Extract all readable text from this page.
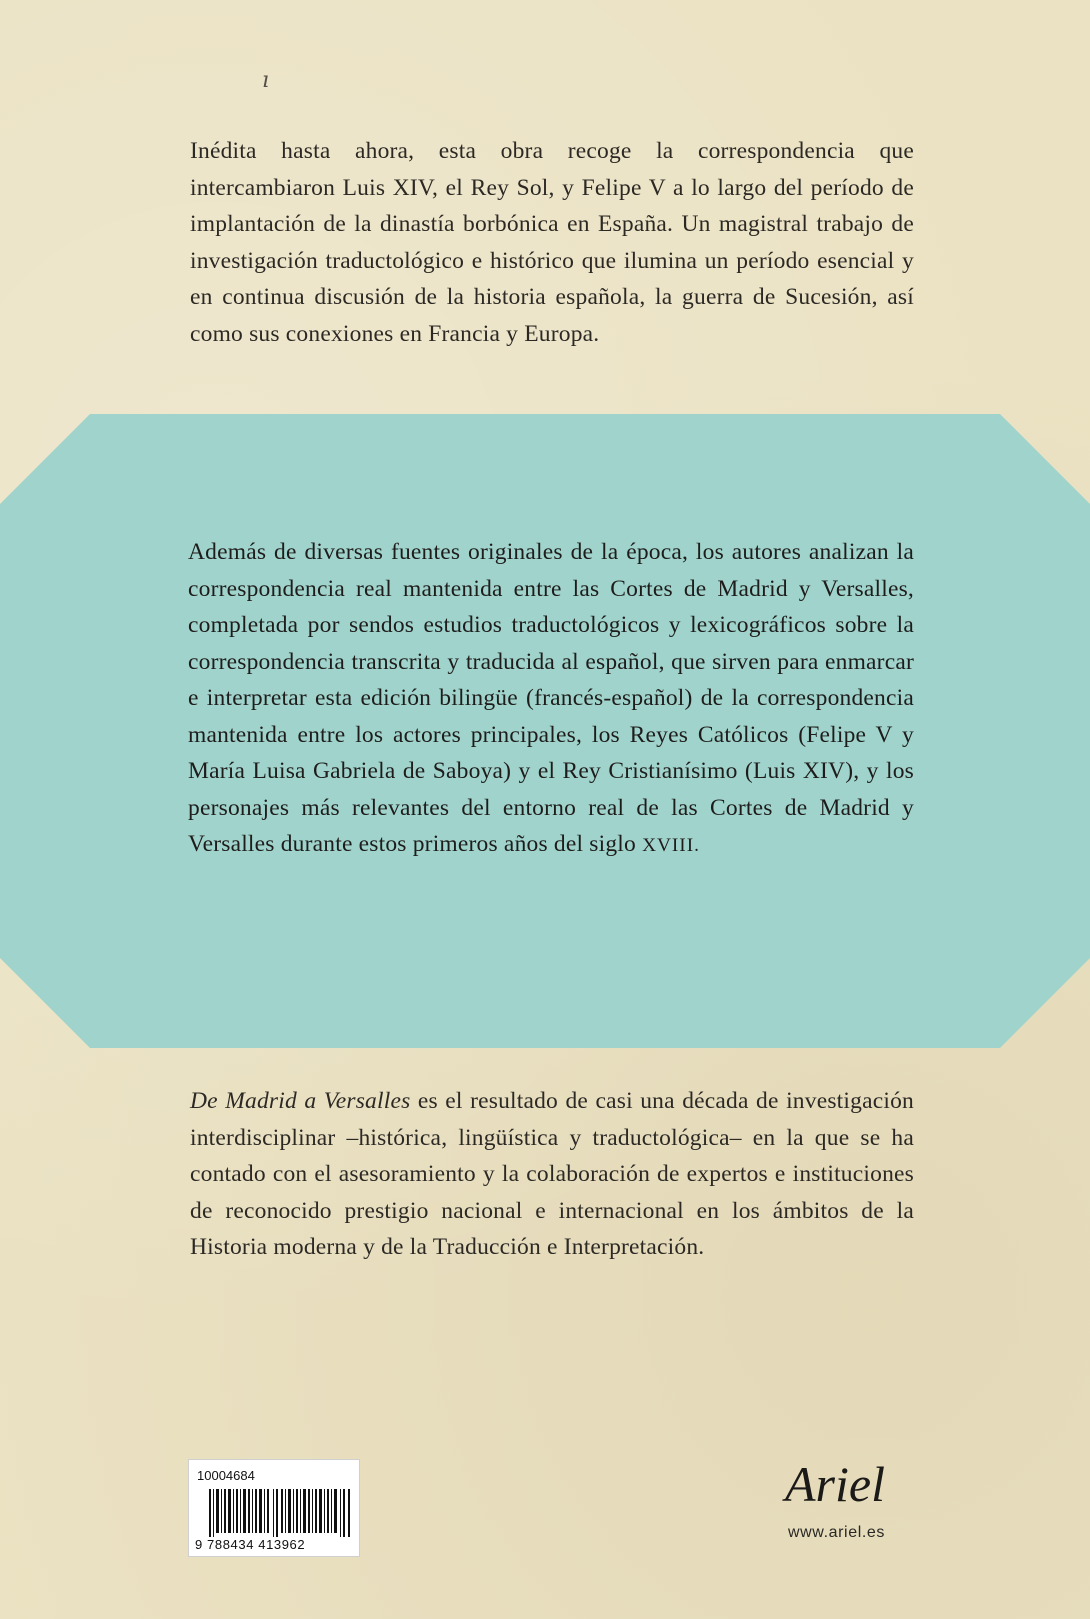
ı
Inédita hasta ahora, esta obra recoge la correspondencia que intercambiaron Luis XIV, el Rey Sol, y Felipe V a lo largo del período de implantación de la dinastía borbónica en España. Un magistral trabajo de investigación traductológico e histórico que ilumina un período esencial y en continua discusión de la historia española, la guerra de Sucesión, así como sus conexiones en Francia y Europa.
Además de diversas fuentes originales de la época, los autores analizan la correspondencia real mantenida entre las Cortes de Madrid y Versalles, completada por sendos estudios traductológicos y lexicográficos sobre la correspondencia transcrita y traducida al español, que sirven para enmarcar e interpretar esta edición bilingüe (francés-español) de la correspondencia mantenida entre los actores principales, los Reyes Católicos (Felipe V y María Luisa Gabriela de Saboya) y el Rey Cristianísimo (Luis XIV), y los personajes más relevantes del entorno real de las Cortes de Madrid y Versalles durante estos primeros años del siglo XVIII.
De Madrid a Versalles es el resultado de casi una década de investigación interdisciplinar –histórica, lingüística y traductológica– en la que se ha contado con el asesoramiento y la colaboración de expertos e instituciones de reconocido prestigio nacional e internacional en los ámbitos de la Historia moderna y de la Traducción e Interpretación.
10004684
9 788434 413962
Ariel
www.ariel.es
